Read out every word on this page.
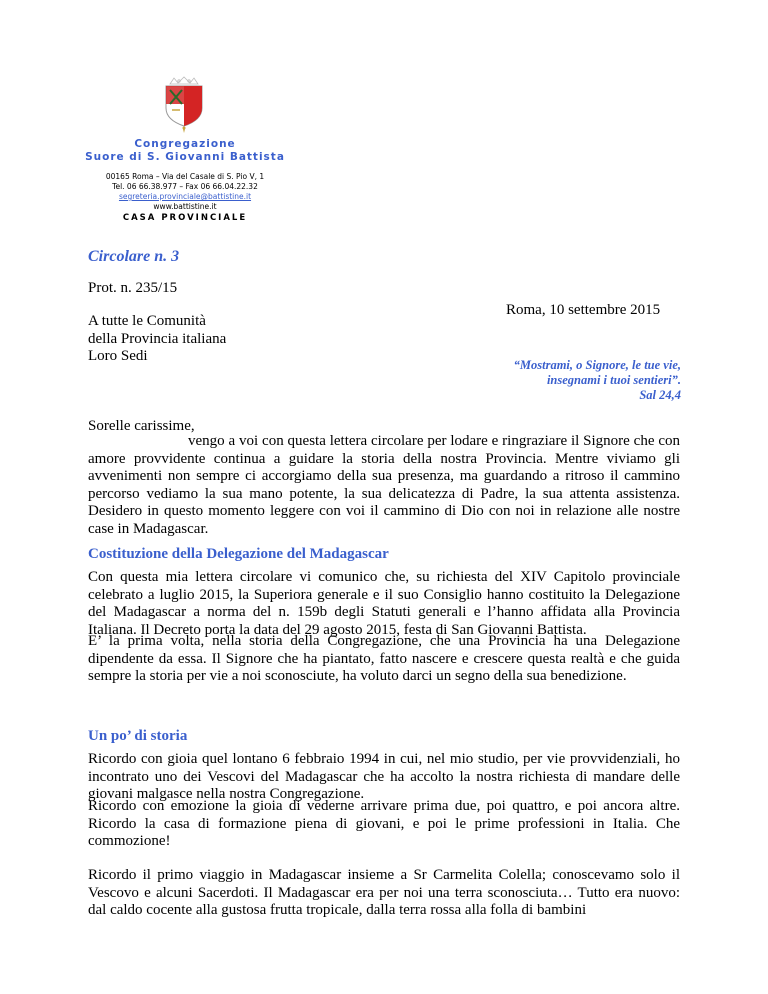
Congregazione
Suore di S. Giovanni Battista
00165 Roma – Via del Casale di S. Pio V, 1
Tel. 06 66.38.977 – Fax 06 66.04.22.32
segreteria.provinciale@battistine.it
www.battistine.it
CASA PROVINCIALE
Circolare n. 3
Prot. n. 235/15
Roma, 10 settembre 2015
A tutte le Comunità
della Provincia italiana
Loro Sedi
“Mostrami, o Signore, le tue vie,
insegnami i tuoi sentieri”.
Sal 24,4
Sorelle carissime,
vengo a voi con questa lettera circolare per lodare e ringraziare il Signore che con amore provvidente continua a guidare la storia della nostra Provincia. Mentre viviamo gli avvenimenti non sempre ci accorgiamo della sua presenza, ma guardando a ritroso il cammino percorso vediamo la sua mano potente, la sua delicatezza di Padre, la sua attenta assistenza. Desidero in questo momento leggere con voi il cammino di Dio con noi in relazione alle nostre case in Madagascar.
Costituzione della Delegazione del Madagascar
Con questa mia lettera circolare vi comunico che, su richiesta del XIV Capitolo provinciale celebrato a luglio 2015, la Superiora generale e il suo Consiglio hanno costituito la Delegazione del Madagascar a norma del n. 159b degli Statuti generali e l’hanno affidata alla Provincia Italiana. Il Decreto porta la data del 29 agosto 2015, festa di San Giovanni Battista.
E’ la prima volta, nella storia della Congregazione, che una Provincia ha una Delegazione dipendente da essa. Il Signore che ha piantato, fatto nascere e crescere questa realtà e che guida sempre la storia per vie a noi sconosciute, ha voluto darci un segno della sua benedizione.
Un po’ di storia
Ricordo con gioia quel lontano 6 febbraio 1994 in cui, nel mio studio, per vie provvidenziali, ho incontrato uno dei Vescovi del Madagascar che ha accolto la nostra richiesta di mandare delle giovani malgasce nella nostra Congregazione.
Ricordo con emozione la gioia di vederne arrivare prima due, poi quattro, e poi ancora altre. Ricordo la casa di formazione piena di giovani, e poi le prime professioni in Italia. Che commozione!
Ricordo il primo viaggio in Madagascar insieme a Sr Carmelita Colella; conoscevamo solo il Vescovo e alcuni Sacerdoti. Il Madagascar era per noi una terra sconosciuta… Tutto era nuovo: dal caldo cocente alla gustosa frutta tropicale, dalla terra rossa alla folla di bambini
